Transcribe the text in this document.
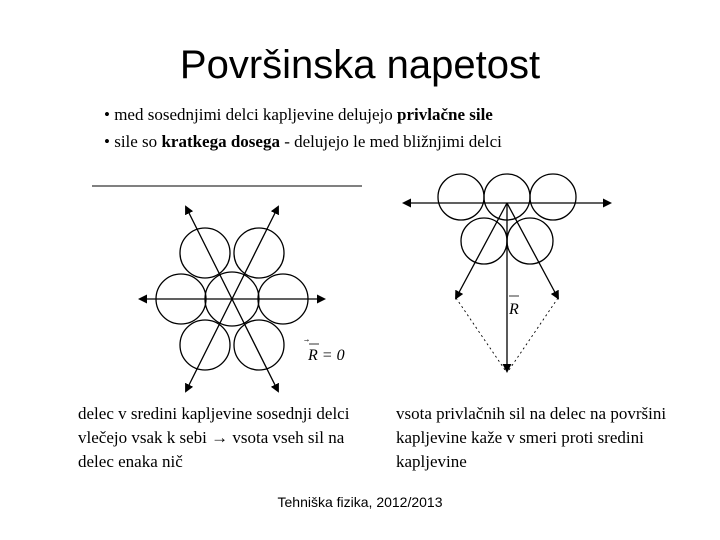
Površinska napetost
• med sosednjimi delci kapljevine delujejo privlačne sile
• sile so kratkega dosega - delujejo le med bližnjimi delci
R = 0
R
delec v sredini kapljevine sosednji delci vlečejo vsak k sebi → vsota vseh sil na delec enaka nič
vsota privlačnih sil na delec na površini kapljevine kaže v smeri proti sredini kapljevine
Tehniška fizika, 2012/2013
